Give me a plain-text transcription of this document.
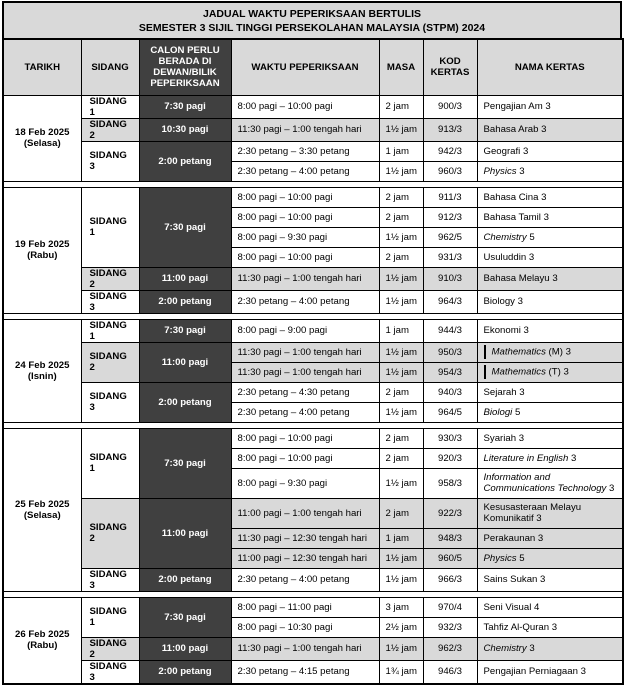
JADUAL WAKTU PEPERIKSAAN BERTULIS
SEMESTER 3 SIJIL TINGGI PERSEKOLAHAN MALAYSIA (STPM) 2024
TARIKH	SIDANG	CALON PERLU BERADA DI DEWAN/BILIK PEPERIKSAAN	WAKTU PEPERIKSAAN	MASA	KOD KERTAS	NAMA KERTAS

18 Feb 2025
(Selasa)	SIDANG 1	7:30 pagi	8:00 pagi – 10:00 pagi	2 jam	900/3	Pengajian Am 3
	SIDANG 2	10:30 pagi	11:30 pagi – 1:00 tengah hari	1½ jam	913/3	Bahasa Arab 3
	SIDANG 3	2:00 petang	2:30 petang – 3:30 petang	1 jam	942/3	Geografi 3
			2:30 petang – 4:00 petang	1½ jam	960/3	Physics 3

19 Feb 2025
(Rabu)	SIDANG 1	7:30 pagi	8:00 pagi – 10:00 pagi	2 jam	911/3	Bahasa Cina 3
			8:00 pagi – 10:00 pagi	2 jam	912/3	Bahasa Tamil 3
			8:00 pagi – 9:30 pagi	1½ jam	962/5	Chemistry 5
			8:00 pagi – 10:00 pagi	2 jam	931/3	Usuluddin 3
	SIDANG 2	11:00 pagi	11:30 pagi – 1:00 tengah hari	1½ jam	910/3	Bahasa Melayu 3
	SIDANG 3	2:00 petang	2:30 petang – 4:00 petang	1½ jam	964/3	Biology 3

24 Feb 2025
(Isnin)	SIDANG 1	7:30 pagi	8:00 pagi – 9:00 pagi	1 jam	944/3	Ekonomi 3
	SIDANG 2	11:00 pagi	11:30 pagi – 1:00 tengah hari	1½ jam	950/3	Mathematics (M) 3
			11:30 pagi – 1:00 tengah hari	1½ jam	954/3	Mathematics (T) 3
	SIDANG 3	2:00 petang	2:30 petang – 4:30 petang	2 jam	940/3	Sejarah 3
			2:30 petang – 4:00 petang	1½ jam	964/5	Biologi 5

25 Feb 2025
(Selasa)	SIDANG 1	7:30 pagi	8:00 pagi – 10:00 pagi	2 jam	930/3	Syariah 3
			8:00 pagi – 10:00 pagi	2 jam	920/3	Literature in English 3
			8:00 pagi – 9:30 pagi	1½ jam	958/3	Information and Communications Technology 3
	SIDANG 2	11:00 pagi	11:00 pagi – 1:00 tengah hari	2 jam	922/3	Kesusasteraan Melayu Komunikatif 3
			11:30 pagi – 12:30 tengah hari	1 jam	948/3	Perakaunan 3
			11:00 pagi – 12:30 tengah hari	1½ jam	960/5	Physics 5
	SIDANG 3	2:00 petang	2:30 petang – 4:00 petang	1½ jam	966/3	Sains Sukan 3

26 Feb 2025
(Rabu)	SIDANG 1	7:30 pagi	8:00 pagi – 11:00 pagi	3 jam	970/4	Seni Visual 4
			8:00 pagi – 10:30 pagi	2½ jam	932/3	Tahfiz Al-Quran 3
	SIDANG 2	11:00 pagi	11:30 pagi – 1:00 tengah hari	1½ jam	962/3	Chemistry 3
	SIDANG 3	2:00 petang	2:30 petang – 4:15 petang	1¾ jam	946/3	Pengajian Perniagaan 3
